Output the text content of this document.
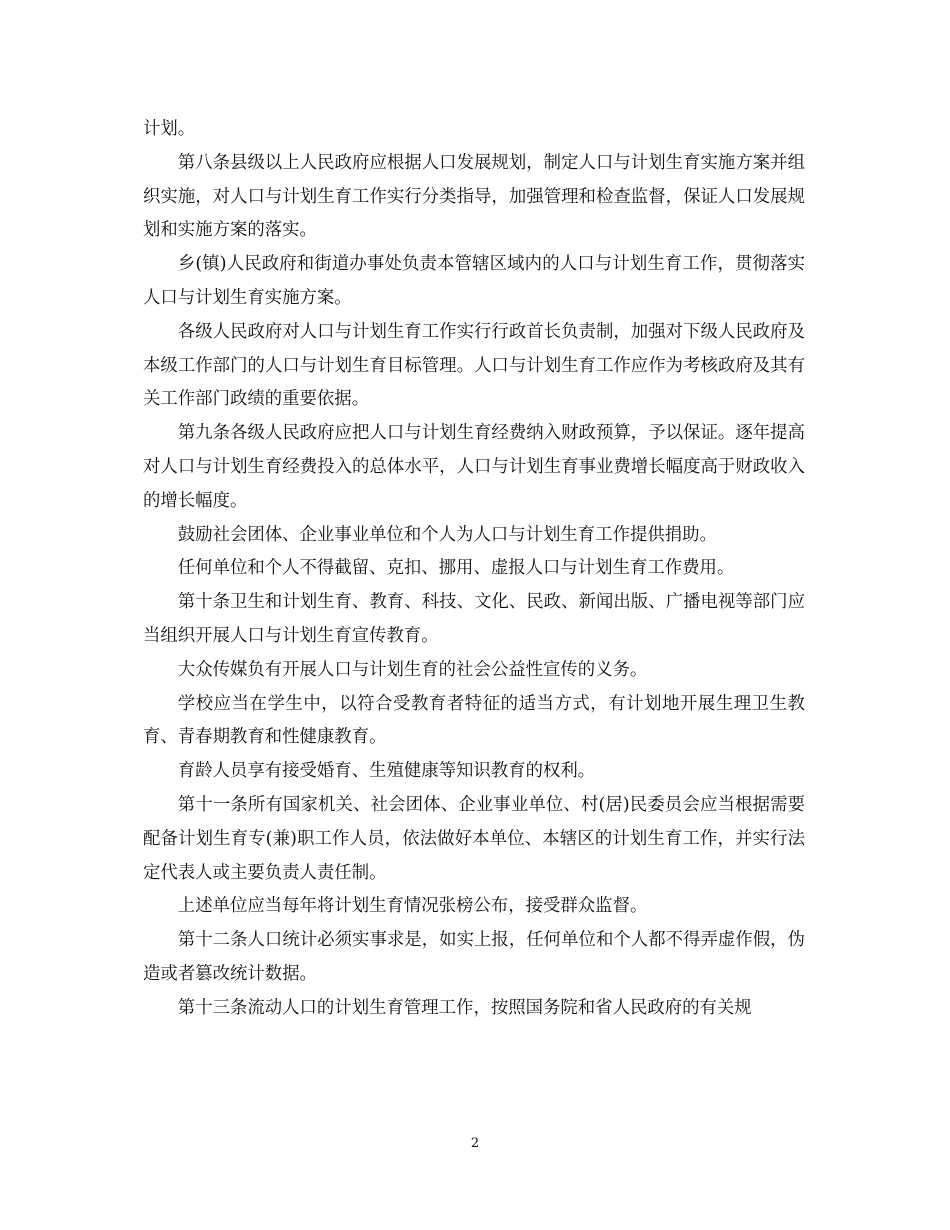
计划。

第八条县级以上人民政府应根据人口发展规划，制定人口与计划生育实施方案并组织实施，对人口与计划生育工作实行分类指导，加强管理和检查监督，保证人口发展规划和实施方案的落实。

乡(镇)人民政府和街道办事处负责本管辖区域内的人口与计划生育工作，贯彻落实人口与计划生育实施方案。

各级人民政府对人口与计划生育工作实行行政首长负责制，加强对下级人民政府及本级工作部门的人口与计划生育目标管理。人口与计划生育工作应作为考核政府及其有关工作部门政绩的重要依据。

第九条各级人民政府应把人口与计划生育经费纳入财政预算，予以保证。逐年提高对人口与计划生育经费投入的总体水平，人口与计划生育事业费增长幅度高于财政收入的增长幅度。

鼓励社会团体、企业事业单位和个人为人口与计划生育工作提供捐助。

任何单位和个人不得截留、克扣、挪用、虚报人口与计划生育工作费用。

第十条卫生和计划生育、教育、科技、文化、民政、新闻出版、广播电视等部门应当组织开展人口与计划生育宣传教育。

大众传媒负有开展人口与计划生育的社会公益性宣传的义务。

学校应当在学生中，以符合受教育者特征的适当方式，有计划地开展生理卫生教育、青春期教育和性健康教育。

育龄人员享有接受婚育、生殖健康等知识教育的权利。

第十一条所有国家机关、社会团体、企业事业单位、村(居)民委员会应当根据需要配备计划生育专(兼)职工作人员，依法做好本单位、本辖区的计划生育工作，并实行法定代表人或主要负责人责任制。

上述单位应当每年将计划生育情况张榜公布，接受群众监督。

第十二条人口统计必须实事求是，如实上报，任何单位和个人都不得弄虚作假，伪造或者篡改统计数据。

第十三条流动人口的计划生育管理工作，按照国务院和省人民政府的有关规

2
